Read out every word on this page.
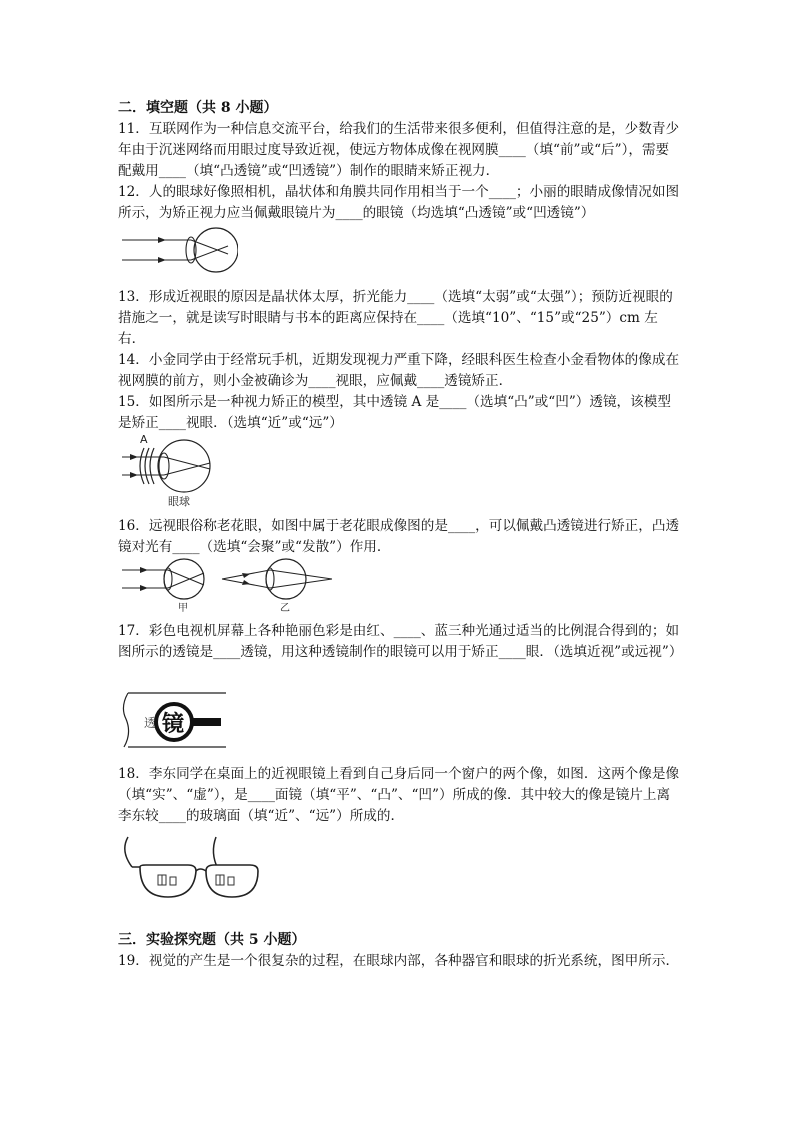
二．填空题（共 8 小题）
11．互联网作为一种信息交流平台，给我们的生活带来很多便利，但值得注意的是，少数青少年由于沉迷网络而用眼过度导致近视，使远方物体成像在视网膜____（填“前”或“后”），需要配戴用____（填“凸透镜”或“凹透镜”）制作的眼睛来矫正视力．
12．人的眼球好像照相机，晶状体和角膜共同作用相当于一个____；小丽的眼睛成像情况如图所示，为矫正视力应当佩戴眼镜片为____的眼镜（均选填“凸透镜”或“凹透镜”）
13．形成近视眼的原因是晶状体太厚，折光能力____（选填“太弱”或“太强”）；预防近视眼的措施之一，就是读写时眼睛与书本的距离应保持在____（选填“10”、“15”或“25”）cm 左右．
14．小金同学由于经常玩手机，近期发现视力严重下降，经眼科医生检查小金看物体的像成在视网膜的前方，则小金被确诊为____视眼，应佩戴____透镜矫正．
15．如图所示是一种视力矫正的模型，其中透镜 A 是____（选填“凸”或“凹”）透镜，该模型是矫正____视眼．（选填“近”或“远”）
A
眼球
16．远视眼俗称老花眼，如图中属于老花眼成像图的是____，可以佩戴凸透镜进行矫正，凸透镜对光有____（选填“会聚”或“发散”）作用．
甲	乙
17．彩色电视机屏幕上各种艳丽色彩是由红、____、蓝三种光通过适当的比例混合得到的；如图所示的透镜是____透镜，用这种透镜制作的眼镜可以用于矫正____眼．（选填近视”或远视”）
透 镜
18．李东同学在桌面上的近视眼镜上看到自己身后同一个窗户的两个像，如图．这两个像是像（填“实”、“虚”），是____面镜（填“平”、“凸”、“凹”）所成的像．其中较大的像是镜片上离李东较____的玻璃面（填“近”、“远”）所成的．
三．实验探究题（共 5 小题）
19．视觉的产生是一个很复杂的过程，在眼球内部，各种器官和眼球的折光系统，图甲所示．
